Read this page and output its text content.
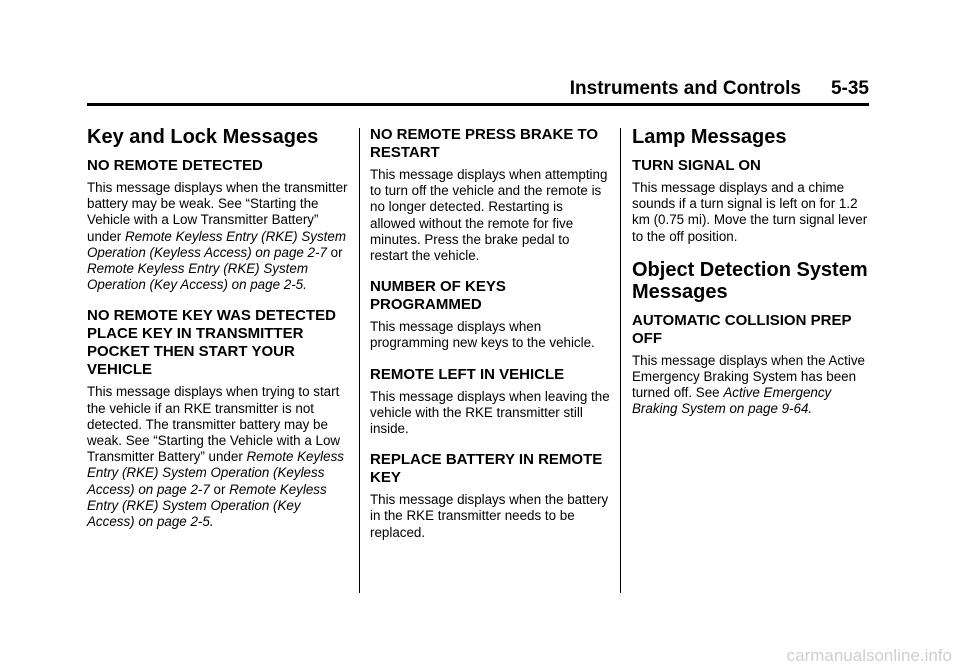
Instruments and Controls 5-35
Key and Lock Messages
NO REMOTE DETECTED

This message displays when the transmitter battery may be weak. See “Starting the Vehicle with a Low Transmitter Battery” under Remote Keyless Entry (RKE) System Operation (Keyless Access) on page 2-7 or Remote Keyless Entry (RKE) System Operation (Key Access) on page 2-5.

NO REMOTE KEY WAS DETECTED PLACE KEY IN TRANSMITTER POCKET THEN START YOUR VEHICLE

This message displays when trying to start the vehicle if an RKE transmitter is not detected. The transmitter battery may be weak. See “Starting the Vehicle with a Low Transmitter Battery” under Remote Keyless Entry (RKE) System Operation (Keyless Access) on page 2-7 or Remote Keyless Entry (RKE) System Operation (Key Access) on page 2-5.

NO REMOTE PRESS BRAKE TO RESTART

This message displays when attempting to turn off the vehicle and the remote is no longer detected. Restarting is allowed without the remote for five minutes. Press the brake pedal to restart the vehicle.

NUMBER OF KEYS PROGRAMMED

This message displays when programming new keys to the vehicle.

REMOTE LEFT IN VEHICLE

This message displays when leaving the vehicle with the RKE transmitter still inside.

REPLACE BATTERY IN REMOTE KEY

This message displays when the battery in the RKE transmitter needs to be replaced.

Lamp Messages
TURN SIGNAL ON

This message displays and a chime sounds if a turn signal is left on for 1.2 km (0.75 mi). Move the turn signal lever to the off position.

Object Detection System Messages
AUTOMATIC COLLISION PREP OFF

This message displays when the Active Emergency Braking System has been turned off. See Active Emergency Braking System on page 9-64.

carmanualsonline.info
